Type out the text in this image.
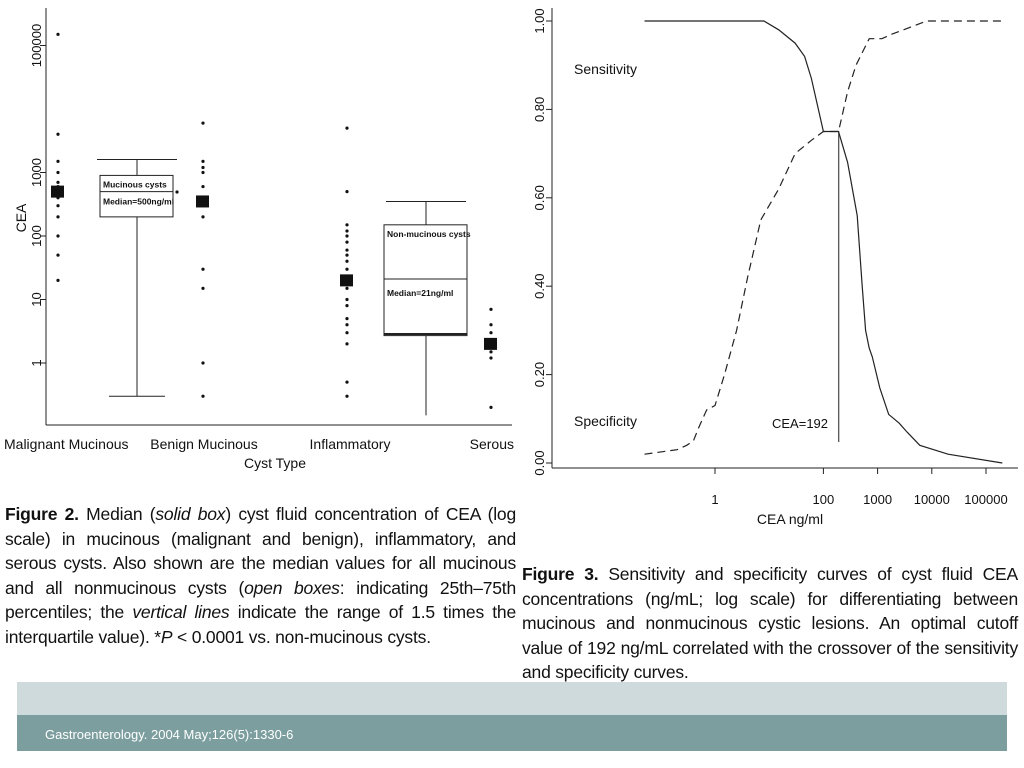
1
10
100
1000
100000
Mucinous cysts
Median=500ng/ml
Non-mucinous cysts
Median=21ng/ml
Malignant Mucinous Benign Mucinous	Inflammatory	Serous
CEA
Cyst Type	0.00
0.20
0.40
0.60
0.80
1.00
1	100 1000 10000 100000
Sensitivity
Specificity	CEA=192
CEA ng/ml
Figure 2. Median (solid box) cyst fluid concentration of CEA (log scale) in mucinous (malignant and benign), inflammatory, and serous cysts. Also shown are the median values for all mucinous and all nonmucinous cysts (open boxes: indicating 25th–75th percentiles; the vertical lines indicate the range of 1.5 times the interquartile value). *P < 0.0001 vs. non-mucinous cysts.
Figure 3. Sensitivity and specificity curves of cyst fluid CEA concentrations (ng/mL; log scale) for differentiating between mucinous and nonmucinous cystic lesions. An optimal cutoff value of 192 ng/mL correlated with the crossover of the sensitivity and specificity curves.
Gastroenterology. 2004 May;126(5):1330-6
